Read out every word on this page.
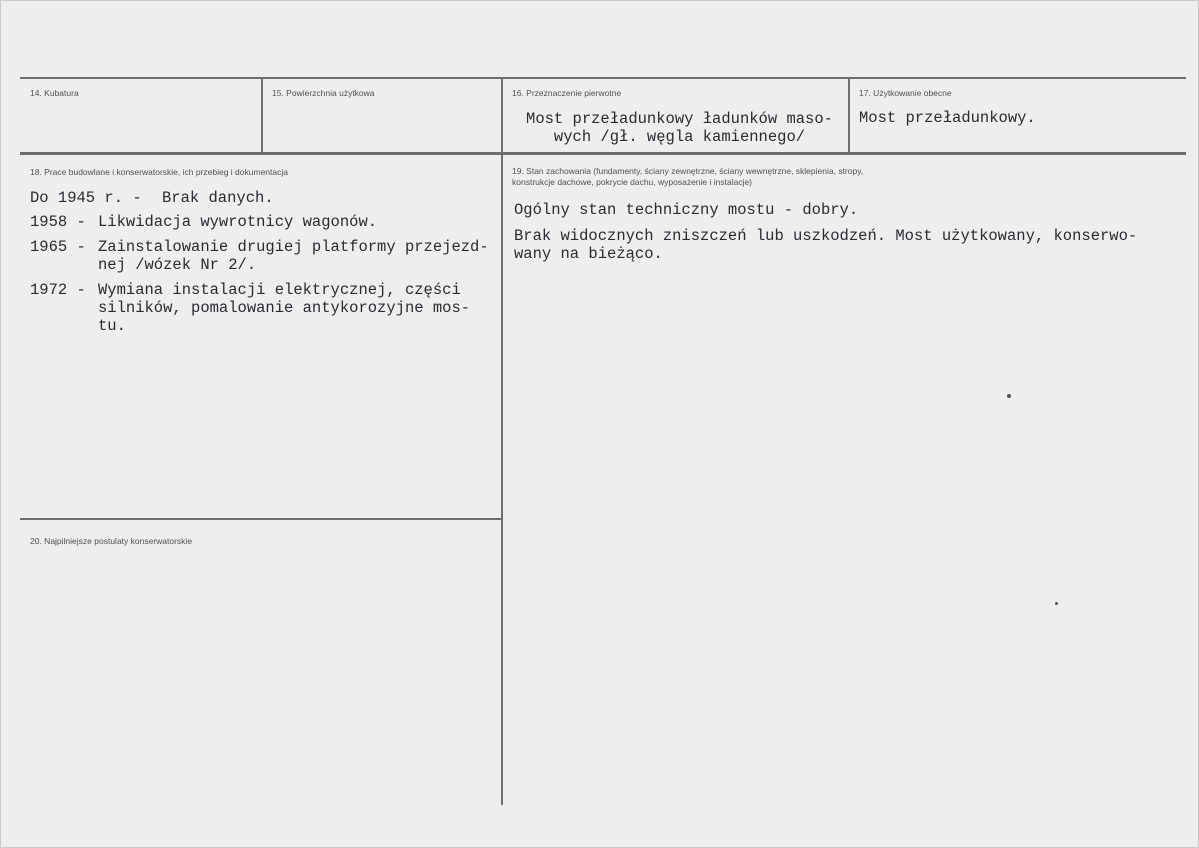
14. Kubatura	15. Powierzchnia użytkowa	16. Przeznaczenie pierwotne
Most przeładunkowy ładunków maso-
wych /gł. węgla kamiennego/
17. Użytkowanie obecne
Most przeładunkowy.
18. Prace budowlane i konserwatorskie, ich przebieg i dokumentacja
Do 1945 r. - Brak danych.
1958 - Likwidacja wywrotnicy wagonów.
1965 - Zainstalowanie drugiej platformy przejezd-
nej /wózek Nr 2/.
1972 - Wymiana instalacji elektrycznej, części
silników, pomalowanie antykorozyjne mos-
tu.
19. Stan zachowania (fundamenty, ściany zewnętrzne, ściany wewnętrzne, sklepienia, stropy,
konstrukcje dachowe, pokrycie dachu, wyposażenie i instalacje)
Ogólny stan techniczny mostu - dobry.
Brak widocznych zniszczeń lub uszkodzeń. Most użytkowany, konserwo-
wany na bieżąco.
20. Najpilniejsze postulaty konserwatorskie
